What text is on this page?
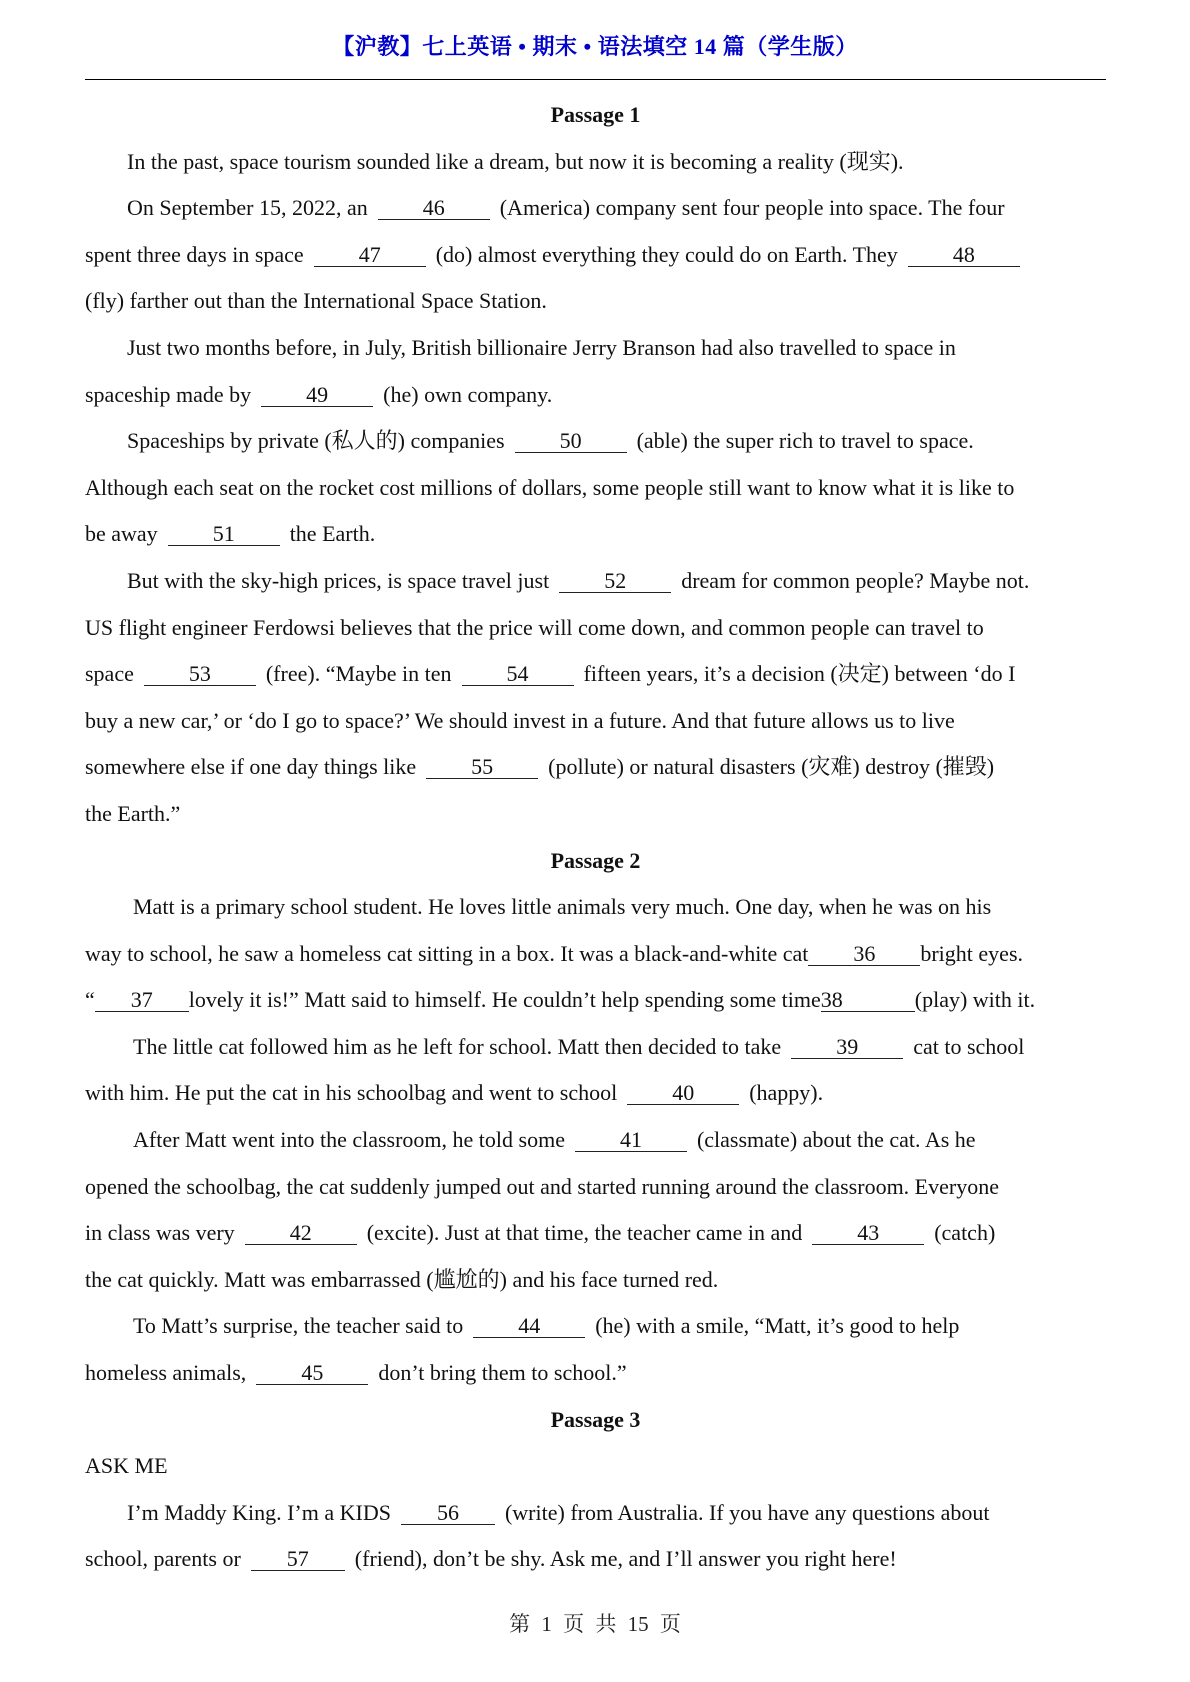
【沪教】七上英语 • 期末 • 语法填空 14 篇（学生版）

Passage 1

In the past, space tourism sounded like a dream, but now it is becoming a reality (现实).

On September 15, 2022, an	46	(America) company sent four people into space. The four

spent three days in space	47	(do) almost everything they could do on Earth. They	48

(fly) farther out than the International Space Station.

Just two months before, in July, British billionaire Jerry Branson had also travelled to space in

spaceship made by	49	(he) own company.

Spaceships by private (私人的) companies	50	(able) the super rich to travel to space.

Although each seat on the rocket cost millions of dollars, some people still want to know what it is like to

be away	51	the Earth.

But with the sky-high prices, is space travel just	52	dream for common people? Maybe not.

US flight engineer Ferdowsi believes that the price will come down, and common people can travel to

space	53	(free). “Maybe in ten	54	fifteen years, it’s a decision (决定) between ‘do I

buy a new car,’ or ‘do I go to space?’ We should invest in a future. And that future allows us to live

somewhere else if one day things like	55	(pollute) or natural disasters (灾难) destroy (摧毁)

the Earth.”

Passage 2

Matt is a primary school student. He loves little animals very much. One day, when he was on his

way to school, he saw a homeless cat sitting in a box. It was a black-and-white cat 36 bright eyes.

“ 37 lovely it is!” Matt said to himself. He couldn’t help spending some time38	(play) with it.

The little cat followed him as he left for school. Matt then decided to take	39	cat to school

with him. He put the cat in his schoolbag and went to school	40	(happy).

After Matt went into the classroom, he told some	41	(classmate) about the cat. As he

opened the schoolbag, the cat suddenly jumped out and started running around the classroom. Everyone

in class was very	42	(excite). Just at that time, the teacher came in and	43	(catch)

the cat quickly. Matt was embarrassed (尴尬的) and his face turned red.

To Matt’s surprise, the teacher said to	44	(he) with a smile, “Matt, it’s good to help

homeless animals,	45	don’t bring them to school.”

Passage 3

ASK ME

I’m Maddy King. I’m a KIDS 56 (write) from Australia. If you have any questions about

school, parents or 57 (friend), don’t be shy. Ask me, and I’ll answer you right here!

第 1 页 共 15 页
